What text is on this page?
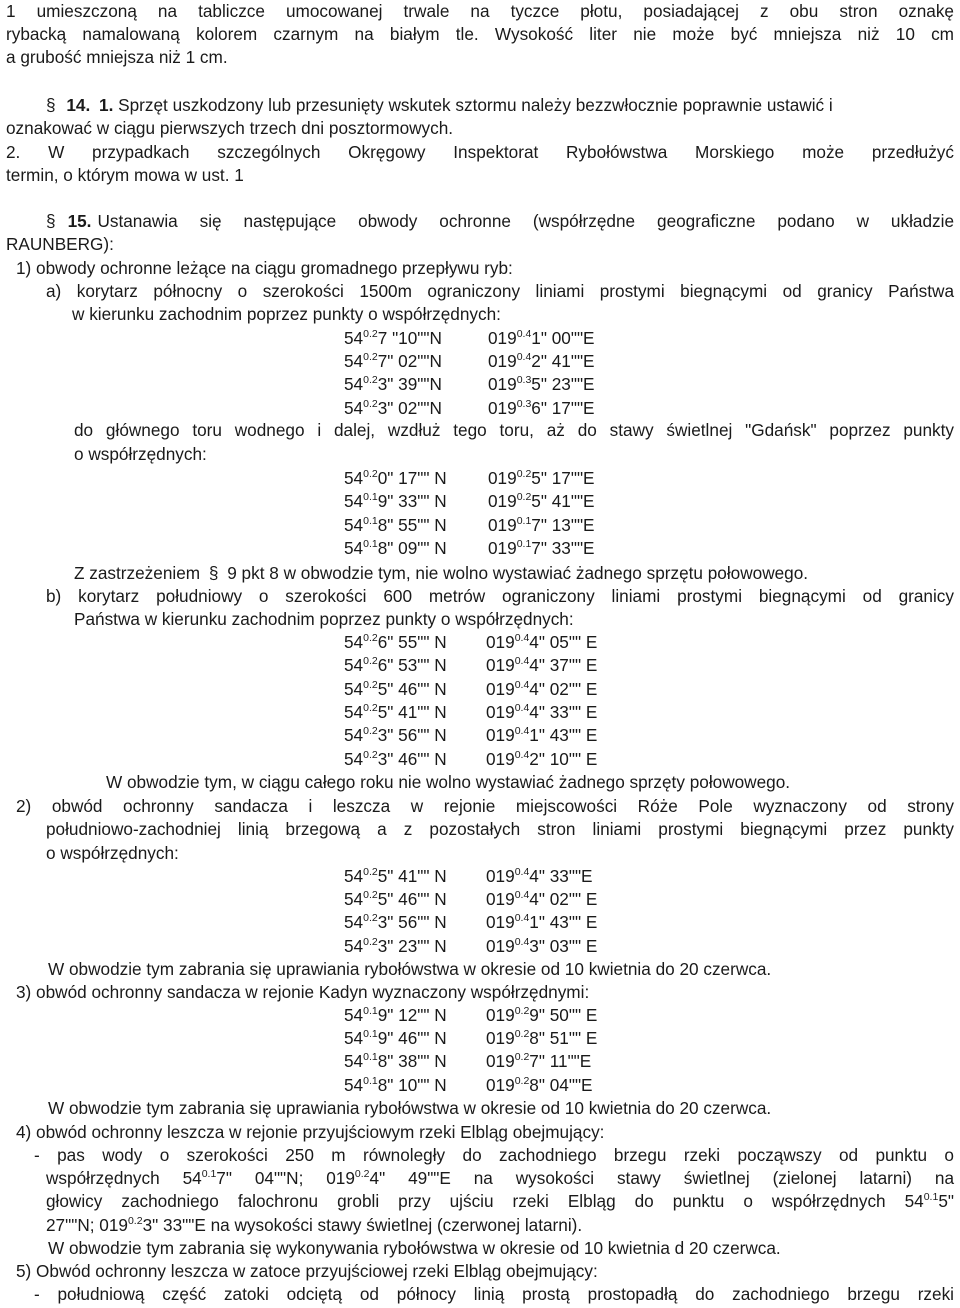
1 umieszczoną na tabliczce umocowanej trwale na tyczce płotu, posiadającej z obu stron oznakę
rybacką namalowaną kolorem czarnym na białym tle. Wysokość liter nie może być mniejsza niż 10 cm
a grubość mniejsza niż 1 cm.
§ 14. 1. Sprzęt uszkodzony lub przesunięty wskutek sztormu należy bezzwłocznie poprawnie ustawić i
oznakować w ciągu pierwszych trzech dni posztormowych.
2. W przypadkach szczególnych Okręgowy Inspektorat Rybołówstwa Morskiego może przedłużyć
termin, o którym mowa w ust. 1
§ 15. Ustanawia się następujące obwody ochronne (współrzędne geograficzne podano w układzie
RAUNBERG):
1) obwody ochronne leżące na ciągu gromadnego przepływu ryb:
a) korytarz północny o szerokości 1500m ograniczony liniami prostymi biegnącymi od granicy Państwa
w kierunku zachodnim poprzez punkty o współrzędnych:
$54^{0.2}7$ "10""N	$019^{0.4}1$" 00""E
$54^{0.2}7$" 02""N	$019^{0.4}2$" 41""E
$54^{0.2}3$" 39""N	$019^{0.3}5$" 23""E
$54^{0.2}3$" 02""N	$019^{0.3}6$" 17""E
do głównego toru wodnego i dalej, wzdłuż tego toru, aż do stawy świetlnej "Gdańsk" poprzez punkty
o współrzędnych:
$54^{0.2}0$" 17"" N $019^{0.2}5$" 17""E
$54^{0.1}9$" 33"" N $019^{0.2}5$" 41""E
$54^{0.1}8$" 55"" N $019^{0.1}7$" 13""E
$54^{0.1}8$" 09"" N $019^{0.1}7$" 33""E
Z zastrzeżeniem § 9 pkt 8 w obwodzie tym, nie wolno wystawiać żadnego sprzętu połowowego.
b) korytarz południowy o szerokości 600 metrów ograniczony liniami prostymi biegnącymi od granicy
Państwa w kierunku zachodnim poprzez punkty o współrzędnych:
$54^{0.2}6$" 55"" N $019^{0.4}4$" 05"" E
$54^{0.2}6$" 53"" N $019^{0.4}4$" 37"" E
$54^{0.2}5$" 46"" N $019^{0.4}4$" 02"" E
$54^{0.2}5$" 41"" N $019^{0.4}4$" 33"" E
$54^{0.2}3$" 56"" N $019^{0.4}1$" 43"" E
$54^{0.2}3$" 46"" N $019^{0.4}2$" 10"" E
W obwodzie tym, w ciągu całego roku nie wolno wystawiać żadnego sprzęty połowowego.
2) obwód ochronny sandacza i leszcza w rejonie miejscowości Róże Pole wyznaczony od strony
południowo-zachodniej linią brzegową a z pozostałych stron liniami prostymi biegnącymi przez punkty
o współrzędnych:
$54^{0.2}5$" 41"" N $019^{0.4}4$" 33""E
$54^{0.2}5$" 46"" N $019^{0.4}4$" 02"" E
$54^{0.2}3$" 56"" N $019^{0.4}1$" 43"" E
$54^{0.2}3$" 23"" N $019^{0.4}3$" 03"" E
W obwodzie tym zabrania się uprawiania rybołówstwa w okresie od 10 kwietnia do 20 czerwca.
3) obwód ochronny sandacza w rejonie Kadyn wyznaczony współrzędnymi:
$54^{0.1}9$" 12"" N $019^{0.2}9$" 50"" E
$54^{0.1}9$" 46"" N $019^{0.2}8$" 51"" E
$54^{0.1}8$" 38"" N $019^{0.2}7$" 11""E
$54^{0.1}8$" 10"" N $019^{0.2}8$" 04""E
W obwodzie tym zabrania się uprawiania rybołówstwa w okresie od 10 kwietnia do 20 czerwca.
4) obwód ochronny leszcza w rejonie przyujściowym rzeki Elbląg obejmujący:
- pas wody o szerokości 250 m równoległy do zachodniego brzegu rzeki począwszy od punktu o
współrzędnych $54^{0.1}7$" 04""N; $019^{0.2}4$" 49""E na wysokości stawy świetlnej (zielonej latarni) na
głowicy zachodniego falochronu grobli przy ujściu rzeki Elbląg do punktu o współrzędnych $54^{0.1}5$"
27""N; $019^{0.2}3$" 33""E na wysokości stawy świetlnej (czerwonej latarni).
W obwodzie tym zabrania się wykonywania rybołówstwa w okresie od 10 kwietnia d 20 czerwca.
5) Obwód ochronny leszcza w zatoce przyujściowej rzeki Elbląg obejmujący:
- południową część zatoki odciętą od północy linią prostą prostopadłą do zachodniego brzegu rzeki
